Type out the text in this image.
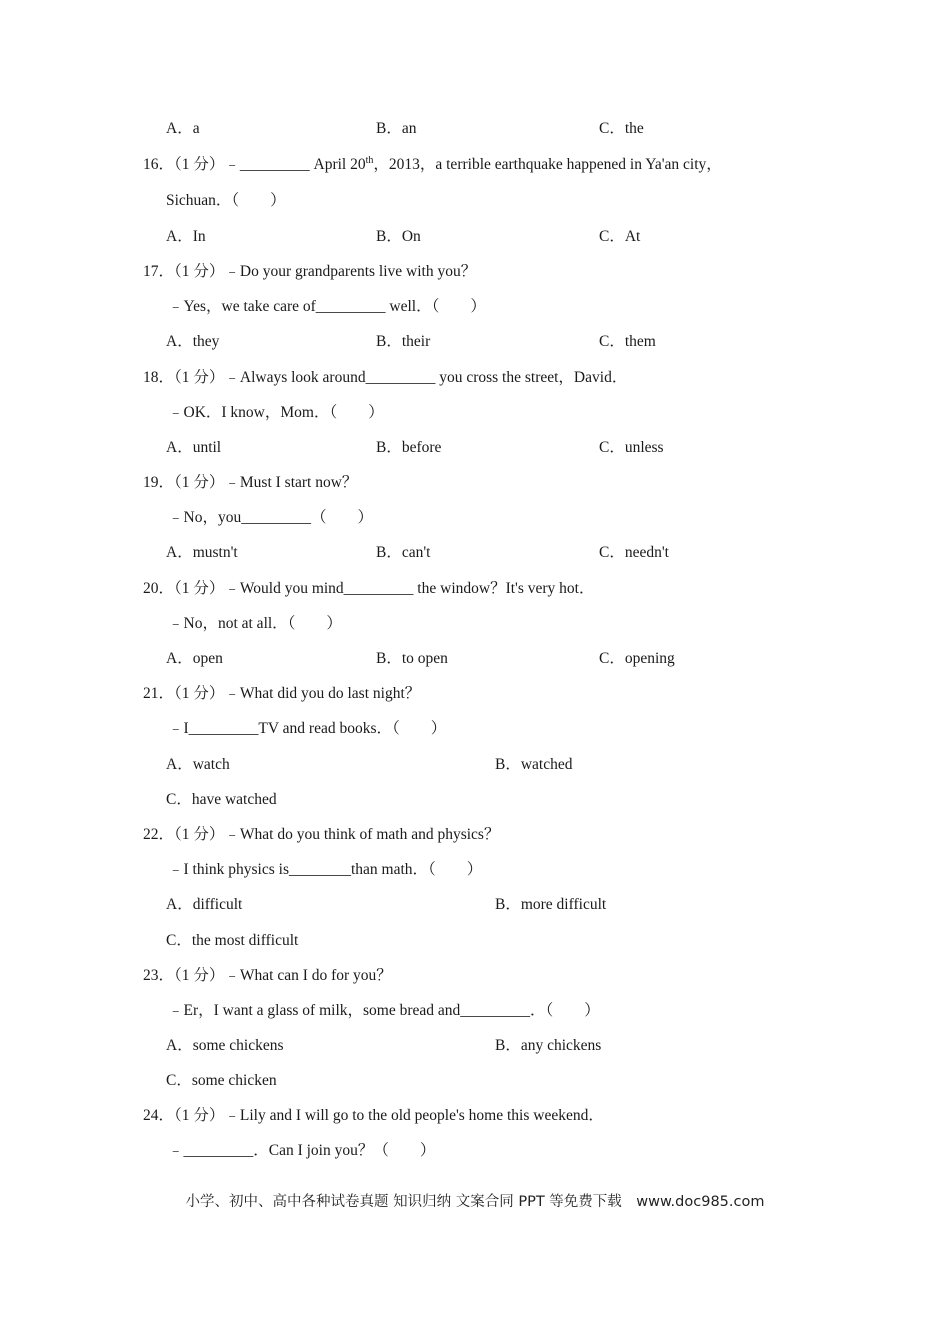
A．a	B．an	C．the
16．（1 分）﹣_________ April 20th，2013，a terrible earthquake happened in Ya'an city，
Sichuan．（　　）
A．In	B．On	C．At
17．（1 分）﹣Do your grandparents live with you？
﹣Yes，we take care of_________ well．（　　）
A．they	B．their	C．them
18．（1 分）﹣Always look around_________ you cross the street，David．
﹣OK．I know，Mom．（　　）
A．until	B．before	C．unless
19．（1 分）﹣Must I start now？
﹣No，you_________（　　）
A．mustn't	B．can't	C．needn't
20．（1 分）﹣Would you mind_________ the window？It's very hot．
﹣No，not at all．（　　）
A．open	B．to open	C．opening
21．（1 分）﹣What did you do last night？
﹣I_________TV and read books．（　　）
A．watch	B．watched
C．have watched
22．（1 分）﹣What do you think of math and physics？
﹣I think physics is________than math．（　　）
A．difficult	B．more difficult
C．the most difficult
23．（1 分）﹣What can I do for you？
﹣Er，I want a glass of milk，some bread and_________．（　　）
A．some chickens	B．any chickens
C．some chicken
24．（1 分）﹣Lily and I will go to the old people's home this weekend．
﹣_________．Can I join you？（　　）
小学、初中、高中各种试卷真题 知识归纳 文案合同 PPT 等免费下载　www.doc985.com
